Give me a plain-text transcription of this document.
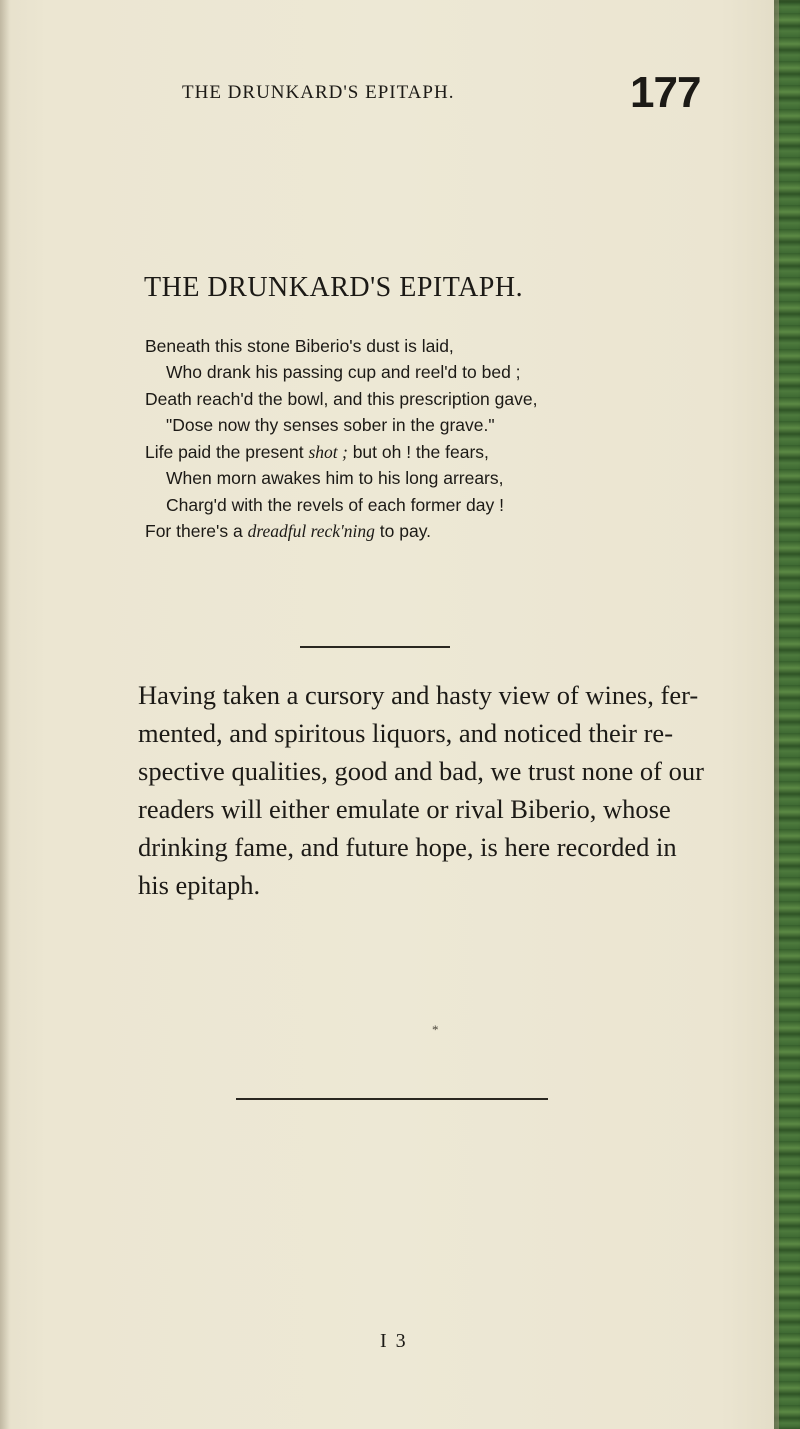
THE DRUNKARD'S EPITAPH.	177
THE DRUNKARD'S EPITAPH.
Beneath this stone Biberio's dust is laid,
Who drank his passing cup and reel'd to bed ;
Death reach'd the bowl, and this prescription gave,
"Dose now thy senses sober in the grave."
Life paid the present shot ; but oh ! the fears,
When morn awakes him to his long arrears,
Charg'd with the revels of each former day !
For there's a dreadful reck'ning to pay.
Having taken a cursory and hasty view of wines, fer-
mented, and spiritous liquors, and noticed their re-
spective qualities, good and bad, we trust none of our
readers will either emulate or rival Biberio, whose
drinking fame, and future hope, is here recorded in
his epitaph.
*
I 3
